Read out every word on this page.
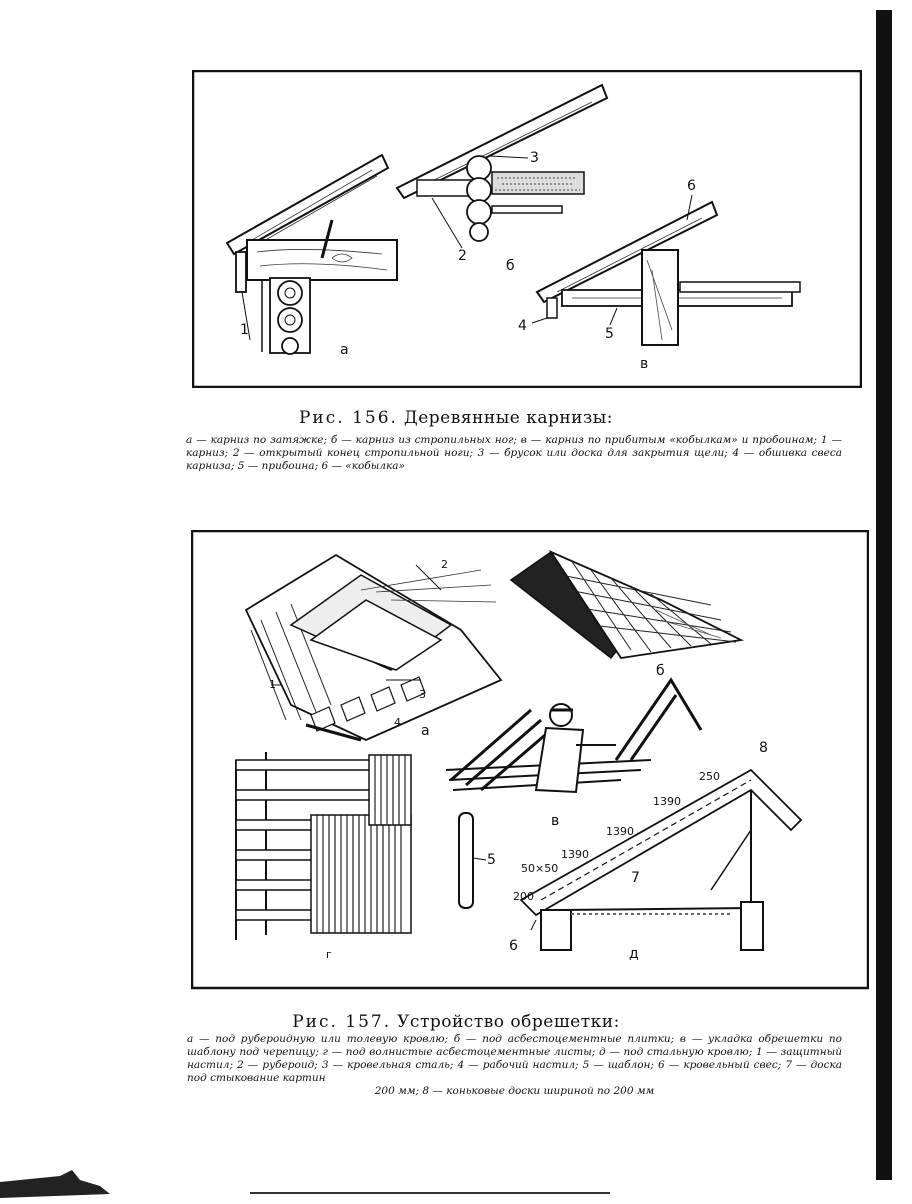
а
1
2
3
б
6
4	5
в
Рис. 156. Деревянные карнизы:
а — карниз по затяжке; б — карниз из стропильных ног; в — карниз по прибитым «кобылкам» и пробоинам; 1 — карниз; 2 — открытый конец стропильной ноги; 3 — брусок или доска для закрытия щели; 4 — обшивка свеса карниза; 5 — прибоина; 6 — «кобылка»
2
3
4
1
а
б
в
г
5
50×50
200
1390
1390
1390
250
8
7
6	д
Рис. 157. Устройство обрешетки:
а — под рубероидную или толевую кровлю; б — под асбестоцементные плитки; в — укладка обрешетки по шаблону под черепицу; г — под волнистые асбестоцементные листы; д — под стальную кровлю; 1 — защитный настил; 2 — рубероид; 3 — кровельная сталь; 4 — рабочий настил; 5 — шаблон; 6 — кровельный свес; 7 — доска под стыкование картин
200 мм; 8 — коньковые доски шириной по 200 мм
